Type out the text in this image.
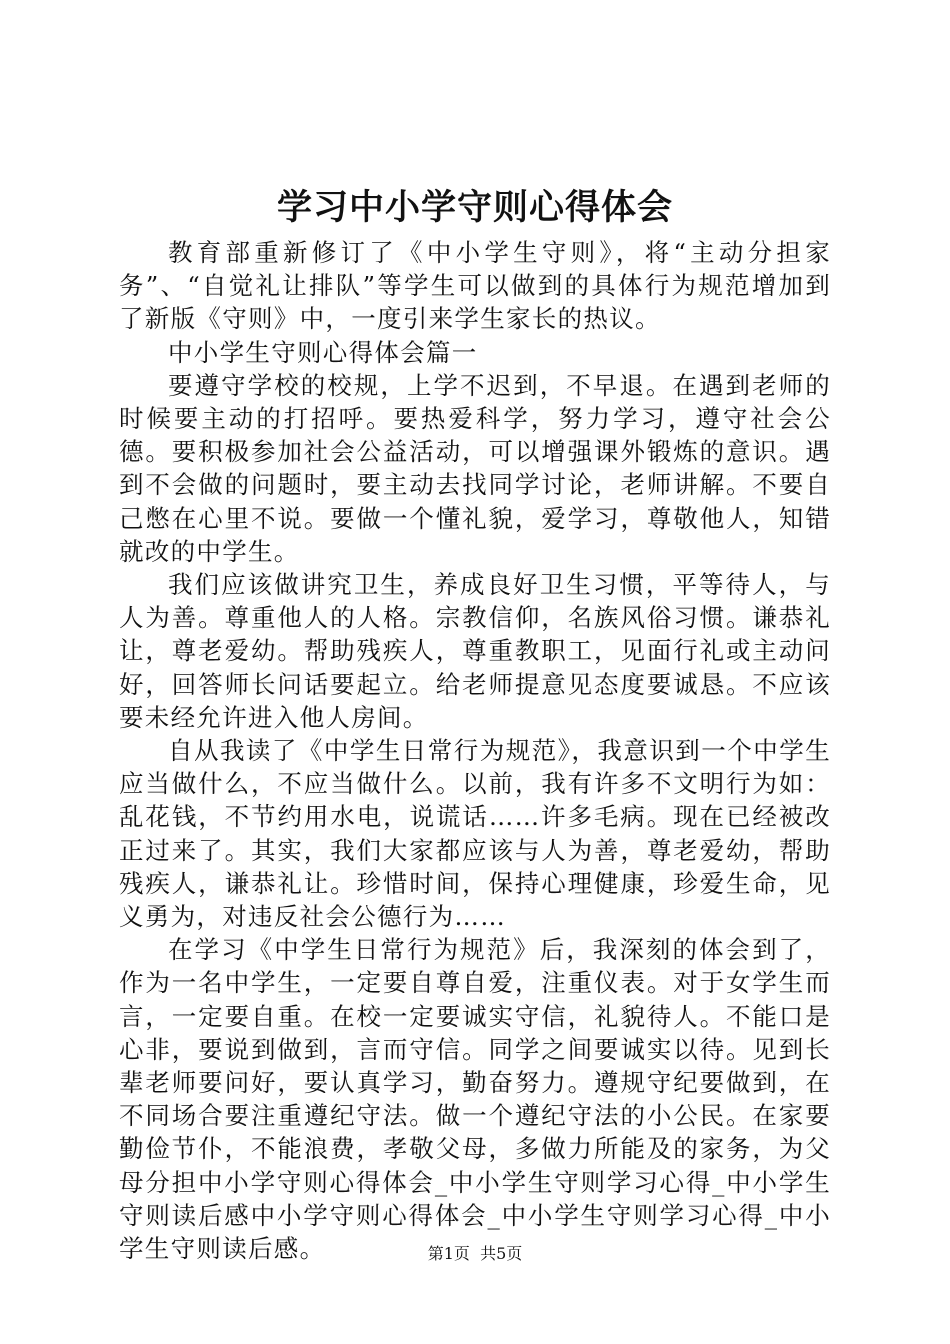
学习中小学守则心得体会

教育部重新修订了《中小学生守则》，将“主动分担家务”、“自觉礼让排队”等学生可以做到的具体行为规范增加到了新版《守则》中，一度引来学生家长的热议。

中小学生守则心得体会篇一

要遵守学校的校规，上学不迟到，不早退。在遇到老师的时候要主动的打招呼。要热爱科学，努力学习，遵守社会公德。要积极参加社会公益活动，可以增强课外锻炼的意识。遇到不会做的问题时，要主动去找同学讨论，老师讲解。不要自己憋在心里不说。要做一个懂礼貌，爱学习，尊敬他人，知错就改的中学生。

我们应该做讲究卫生，养成良好卫生习惯，平等待人，与人为善。尊重他人的人格。宗教信仰，名族风俗习惯。谦恭礼让，尊老爱幼。帮助残疾人，尊重教职工，见面行礼或主动问好，回答师长问话要起立。给老师提意见态度要诚恳。不应该要未经允许进入他人房间。

自从我读了《中学生日常行为规范》，我意识到一个中学生应当做什么，不应当做什么。以前，我有许多不文明行为如：乱花钱，不节约用水电，说谎话……许多毛病。现在已经被改正过来了。其实，我们大家都应该与人为善，尊老爱幼，帮助残疾人，谦恭礼让。珍惜时间，保持心理健康，珍爱生命，见义勇为，对违反社会公德行为……

在学习《中学生日常行为规范》后，我深刻的体会到了，作为一名中学生，一定要自尊自爱，注重仪表。对于女学生而言，一定要自重。在校一定要诚实守信，礼貌待人。不能口是心非，要说到做到，言而守信。同学之间要诚实以待。见到长辈老师要问好，要认真学习，勤奋努力。遵规守纪要做到，在不同场合要注重遵纪守法。做一个遵纪守法的小公民。在家要勤俭节仆，不能浪费，孝敬父母，多做力所能及的家务，为父母分担中小学守则心得体会_中小学生守则学习心得_中小学生守则读后感中小学守则心得体会_中小学生守则学习心得_中小学生守则读后感。	第1页 共5页
